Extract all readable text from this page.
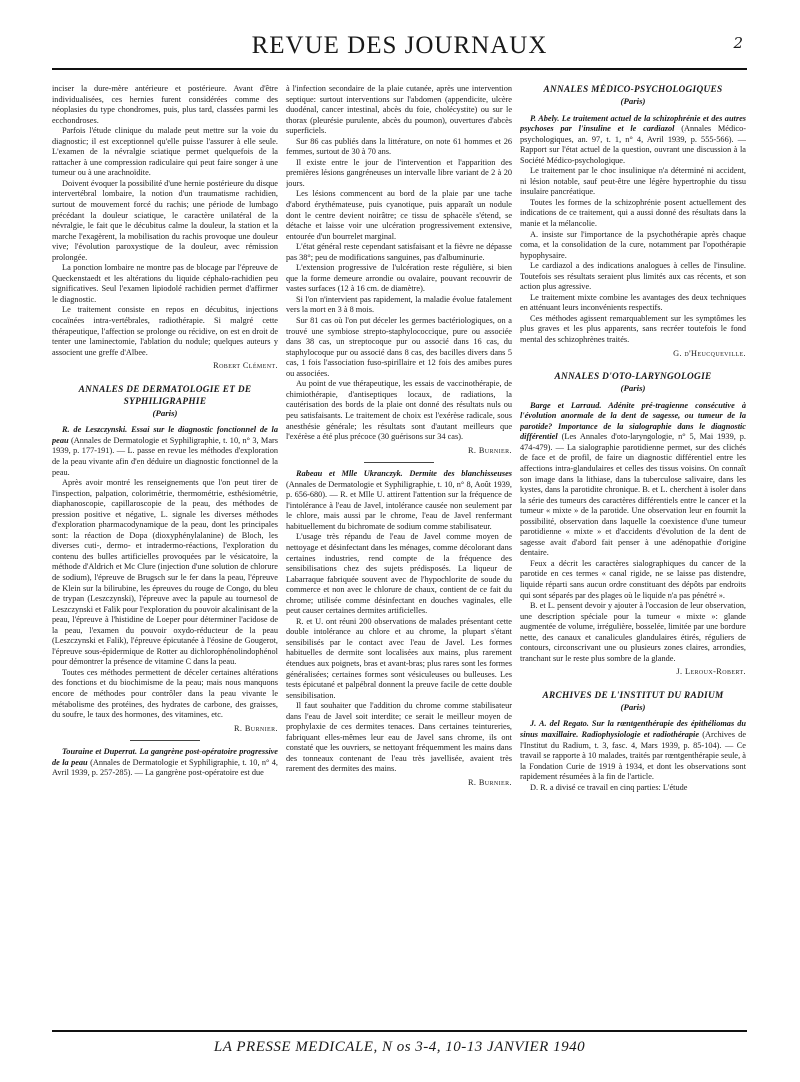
REVUE DES JOURNAUX	2

inciser la dure-mère antérieure et postérieure. Avant d'être individualisées, ces hernies furent considérées comme des néoplasies du type chondromes, puis, plus tard, classées parmi les ecchondroses.

Parfois l'étude clinique du malade peut mettre sur la voie du diagnostic; il est exceptionnel qu'elle puisse l'assurer à elle seule. L'examen de la névralgie sciatique permet quelquefois de la rattacher à une compression radiculaire qui peut faire songer à une tumeur ou à une arachnoïdite.

Doivent évoquer la possibilité d'une hernie postérieure du disque intervertébral lombaire, la notion d'un traumatisme rachidien, surtout de mouvement forcé du rachis; une période de lumbago précédant la douleur sciatique, le caractère unilatéral de la névralgie, le fait que le décubitus calme la douleur, la station et la marche l'exagèrent, la mobilisation du rachis provoque une douleur vive; l'évolution paroxystique de la douleur, avec rémission prolongée.

La ponction lombaire ne montre pas de blocage par l'épreuve de Queckenstaedt et les altérations du liquide céphalo-rachidien peu significatives. Seul l'examen lipiodolé rachidien permet d'affirmer le diagnostic.

Le traitement consiste en repos en décubitus, injections cocaïnées intra-vertébrales, radiothérapie. Si malgré cette thérapeutique, l'affection se prolonge ou récidive, on est en droit de tenter une laminectomie, l'ablation du nodule; quelques auteurs y associent une greffe d'Albee.

Robert Clément.
ANNALES DE DERMATOLOGIE ET DE SYPHILIGRAPHIE
(Paris)

R. de Leszczynski. Essai sur le diagnostic fonctionnel de la peau (Annales de Dermatologie et Syphiligraphie, t. 10, n° 3, Mars 1939, p. 177-191). — L. passe en revue les méthodes d'exploration de la peau vivante afin d'en déduire un diagnostic fonctionnel de la peau.

Après avoir montré les renseignements que l'on peut tirer de l'inspection, palpation, colorimétrie, thermométrie, esthésiométrie, diaphanoscopie, capillaroscopie de la peau, des méthodes de pression positive et négative, L. signale les diverses méthodes d'exploration pharmacodynamique de la peau, dont les principales sont: la réaction de Dopa (dioxyphénylalanine) de Bloch, les diverses cuti-, dermo- et intradermo-réactions, l'exploration du contenu des bulles artificielles provoquées par le vésicatoire, la méthode d'Aldrich et Mc Clure (injection d'une solution de chlorure de sodium), l'épreuve de Brugsch sur le fer dans la peau, l'épreuve de Klein sur la bilirubine, les épreuves du rouge de Congo, du bleu de trypan (Leszczynski), l'épreuve avec la papule au tournesol de Leszczynski et Falik pour l'exploration du pouvoir alcalinisant de la peau, l'épreuve à l'histidine de Loeper pour déterminer l'acidose de la peau, l'examen du pouvoir oxydo-réducteur de la peau (Leszczynski et Falik), l'épreuve épicutanée à l'éosine de Gougerot, l'épreuve sous-épidermique de Rotter au dichlorophénolindophénol pour démontrer la présence de vitamine C dans la peau.

Toutes ces méthodes permettent de déceler certaines altérations des fonctions et du biochimisme de la peau; mais nous manquons encore de méthodes pour contrôler dans la peau vivante le métabolisme des protéines, des hydrates de carbone, des graisses, du soufre, le taux des hormones, des vitamines, etc.

R. Burnier.

Touraine et Duperrat. La gangrène post-opératoire progressive de la peau (Annales de Dermatologie et Syphiligraphie, t. 10, n° 4, Avril 1939, p. 257-285). — La gangrène post-opératoire est due

à l'infection secondaire de la plaie cutanée, après une intervention septique: surtout interventions sur l'abdomen (appendicite, ulcère duodénal, cancer intestinal, abcès du foie, cholécystite) ou sur le thorax (pleurésie purulente, abcès du poumon), ouvertures d'abcès superficiels.

Sur 86 cas publiés dans la littérature, on note 61 hommes et 26 femmes, surtout de 30 à 70 ans.

Il existe entre le jour de l'intervention et l'apparition des premières lésions gangréneuses un intervalle libre variant de 2 à 20 jours.

Les lésions commencent au bord de la plaie par une tache d'abord érythémateuse, puis cyanotique, puis apparaît un nodule dont le centre devient noirâtre; ce tissu de sphacèle s'étend, se détache et laisse voir une ulcération progressivement extensive, entourée d'un bourrelet marginal.

L'état général reste cependant satisfaisant et la fièvre ne dépasse pas 38°; peu de modifications sanguines, pas d'albuminurie.

L'extension progressive de l'ulcération reste régulière, si bien que la forme demeure arrondie ou ovalaire, pouvant recouvrir de vastes surfaces (12 à 16 cm. de diamètre).

Si l'on n'intervient pas rapidement, la maladie évolue fatalement vers la mort en 3 à 8 mois.

Sur 81 cas où l'on put déceler les germes bactériologiques, on a trouvé une symbiose strepto-staphylococcique, pure ou associée dans 38 cas, un streptocoque pur ou associé dans 16 cas, du staphylocoque pur ou associé dans 8 cas, des bacilles divers dans 5 cas, 1 fois l'association fuso-spirillaire et 12 fois des amibes pures ou associées.

Au point de vue thérapeutique, les essais de vaccinothérapie, de chimiothérapie, d'antiseptiques locaux, de radiations, la cautérisation des bords de la plaie ont donné des résultats nuls ou peu satisfaisants. Le traitement de choix est l'exérèse radicale, sous anesthésie générale; les résultats sont d'autant meilleurs que l'exérèse a été plus précoce (30 guérisons sur 34 cas).

R. Burnier.

Rabeau et Mlle Ukranczyk. Dermite des blanchisseuses (Annales de Dermatologie et Syphiligraphie, t. 10, n° 8, Août 1939, p. 656-680). — R. et Mlle U. attirent l'attention sur la fréquence de l'intolérance à l'eau de Javel, intolérance causée non seulement par le chlore, mais aussi par le chrome, l'eau de Javel renfermant habituellement du bichromate de sodium comme stabilisateur.

L'usage très répandu de l'eau de Javel comme moyen de nettoyage et désinfectant dans les ménages, comme décolorant dans certaines industries, rend compte de la fréquence des sensibilisations chez des sujets prédisposés. La liqueur de Labarraque fabriquée souvent avec de l'hypochlorite de soude du commerce et non avec le chlorure de chaux, contient de ce fait du chrome; utilisée comme désinfectant en douches vaginales, elle peut causer certaines dermites artificielles.

R. et U. ont réuni 200 observations de malades présentant cette double intolérance au chlore et au chrome, la plupart s'étant sensibilisés par le contact avec l'eau de Javel. Les formes habituelles de dermite sont localisées aux mains, plus rarement étendues aux poignets, bras et avant-bras; plus rares sont les formes généralisées; certaines formes sont vésiculeuses ou bulleuses. Les tests épicutané et palpébral donnent la preuve facile de cette double sensibilisation.

Il faut souhaiter que l'addition du chrome comme stabilisateur dans l'eau de Javel soit interdite; ce serait le meilleur moyen de prophylaxie de ces dermites tenaces. Dans certaines teintureries, fabriquant elles-mêmes leur eau de Javel sans chrome, ils ont constaté que les ouvriers, se nettoyant fréquemment les mains dans des tonneaux contenant de l'eau très javellisée, avaient très rarement des dermites des mains.

R. Burnier.
ANNALES MÉDICO-PSYCHOLOGIQUES
(Paris)

P. Abely. Le traitement actuel de la schizophrénie et des autres psychoses par l'insuline et le cardiazol (Annales Médico-psychologiques, an. 97, t. 1, n° 4, Avril 1939, p. 555-566). — Rapport sur l'état actuel de la question, ouvrant une discussion à la Société Médico-psychologique.

Le traitement par le choc insulinique n'a déterminé ni accident, ni lésion notable, sauf peut-être une légère hypertrophie du tissu insulaire pancréatique.

Toutes les formes de la schizophrénie posent actuellement des indications de ce traitement, qui a aussi donné des résultats dans la manie et la mélancolie.

A. insiste sur l'importance de la psychothérapie après chaque coma, et la consolidation de la cure, notamment par l'opothérapie hypophysaire.

Le cardiazol a des indications analogues à celles de l'insuline. Toutefois ses résultats seraient plus limités aux cas récents, et son action plus agressive.

Le traitement mixte combine les avantages des deux techniques en atténuant leurs inconvénients respectifs.

Ces méthodes agissent remarquablement sur les symptômes les plus graves et les plus apparents, sans recréer toutefois le fond mental des schizophrènes traités.

G. d'Heucqueville.
ANNALES D'OTO-LARYNGOLOGIE
(Paris)

Barge et Larraud. Adénite pré-tragienne consécutive à l'évolution anormale de la dent de sagesse, ou tumeur de la parotide? Importance de la sialographie dans le diagnostic différentiel (Les Annales d'oto-laryngologie, n° 5, Mai 1939, p. 474-479). — La sialographie parotidienne permet, sur des clichés de face et de profil, de faire un diagnostic différentiel entre les affections intra-glandulaires et celles des tissus voisins. On connaît son image dans la lithiase, dans la tuberculose salivaire, dans les kystes, dans la parotidite chronique. B. et L. cherchent à isoler dans la série des tumeurs des caractères différentiels entre le cancer et la tumeur « mixte » de la parotide. Une observation leur en fournit la possibilité, observation dans laquelle la coexistence d'une tumeur parotidienne « mixte » et d'accidents d'évolution de la dent de sagesse avait d'abord fait penser à une adénopathie d'origine dentaire.

Feux a décrit les caractères sialographiques du cancer de la parotide en ces termes « canal rigide, ne se laisse pas distendre, liquide réparti sans aucun ordre constituant des dépôts par endroits qui sont séparés par des plages où le liquide n'a pas pénétré ».

B. et L. pensent devoir y ajouter à l'occasion de leur observation, une description spéciale pour la tumeur « mixte »: glande augmentée de volume, irrégulière, bosselée, limitée par une bordure nette, des canaux et canalicules glandulaires étirés, réguliers de contours, circonscrivant une ou plusieurs zones claires, arrondies, tranchant sur le reste plus sombre de la glande.

J. Leroux-Robert.
ARCHIVES DE L'INSTITUT DU RADIUM
(Paris)

J. A. del Regato. Sur la rœntgenthérapie des épithéliomas du sinus maxillaire. Radiophysiologie et radiothérapie (Archives de l'Institut du Radium, t. 3, fasc. 4, Mars 1939, p. 85-104). — Ce travail se rapporte à 10 malades, traités par rœntgenthérapie seule, à la Fondation Curie de 1919 à 1934, et dont les observations sont rapidement résumées à la fin de l'article.

D. R. a divisé ce travail en cinq parties: L'étude

LA PRESSE MEDICALE, N os 3-4, 10-13 JANVIER 1940
